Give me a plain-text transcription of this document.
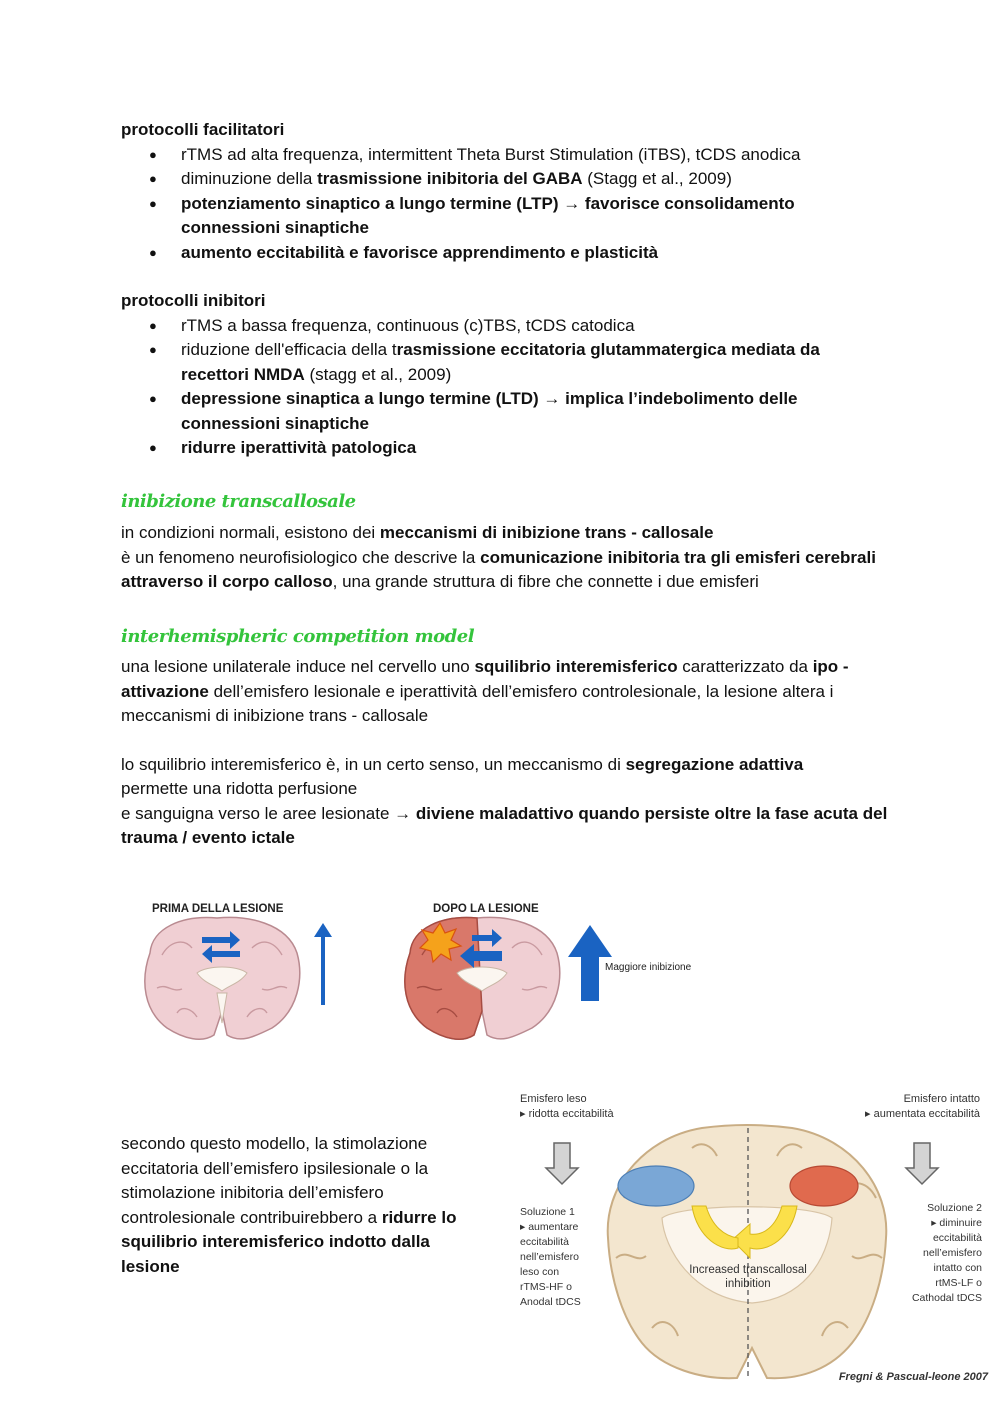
protocolli facilitatori

● rTMS ad alta frequenza, intermittent Theta Burst Stimulation (iTBS), tCDS anodica
● diminuzione della trasmissione inibitoria del GABA (Stagg et al., 2009)
● potenziamento sinaptico a lungo termine (LTP) → favorisce consolidamento connessioni sinaptiche
● aumento eccitabilità e favorisce apprendimento e plasticità

protocolli inibitori

● rTMS a bassa frequenza, continuous (c)TBS, tCDS catodica
● riduzione dell'efficacia della trasmissione eccitatoria glutammatergica mediata da recettori NMDA (stagg et al., 2009)
● depressione sinaptica a lungo termine (LTD) → implica l’indebolimento delle connessioni sinaptiche
● ridurre iperattività patologica

inibizione transcallosale

in condizioni normali, esistono dei meccanismi di inibizione trans - callosale

è un fenomeno neurofisiologico che descrive la comunicazione inibitoria tra gli emisferi cerebrali attraverso il corpo calloso, una grande struttura di fibre che connette i due emisferi

interhemispheric competition model

una lesione unilaterale induce nel cervello uno squilibrio interemisferico caratterizzato da ipo - attivazione dell’emisfero lesionale e iperattività dell’emisfero controlesionale, la lesione altera i meccanismi di inibizione trans - callosale

lo squilibrio interemisferico è, in un certo senso, un meccanismo di segregazione adattiva

permette una ridotta perfusione

e sanguigna verso le aree lesionate → diviene maladattivo quando persiste oltre la fase acuta del trauma / evento ictale

PRIMA DELLA LESIONE	DOPO LA LESIONE
Maggiore inibizione

secondo questo modello, la stimolazione eccitatoria dell’emisfero ipsilesionale o la stimolazione inibitoria dell’emisfero controlesionale contribuirebbero a ridurre lo squilibrio interemisferico indotto dalla lesione

Emisfero leso
▸ ridotta eccitabilità
Emisfero intatto
▸ aumentata eccitabilità
Increased transcallosal
inhibition
Soluzione 1
▸ aumentare
eccitabilità
nell’emisfero
leso con
rTMS-HF o
Anodal tDCS
Soluzione 2
▸ diminuire
eccitabilità
nell’emisfero
intatto con
rtMS-LF o
Cathodal tDCS
Fregni & Pascual-leone 2007
